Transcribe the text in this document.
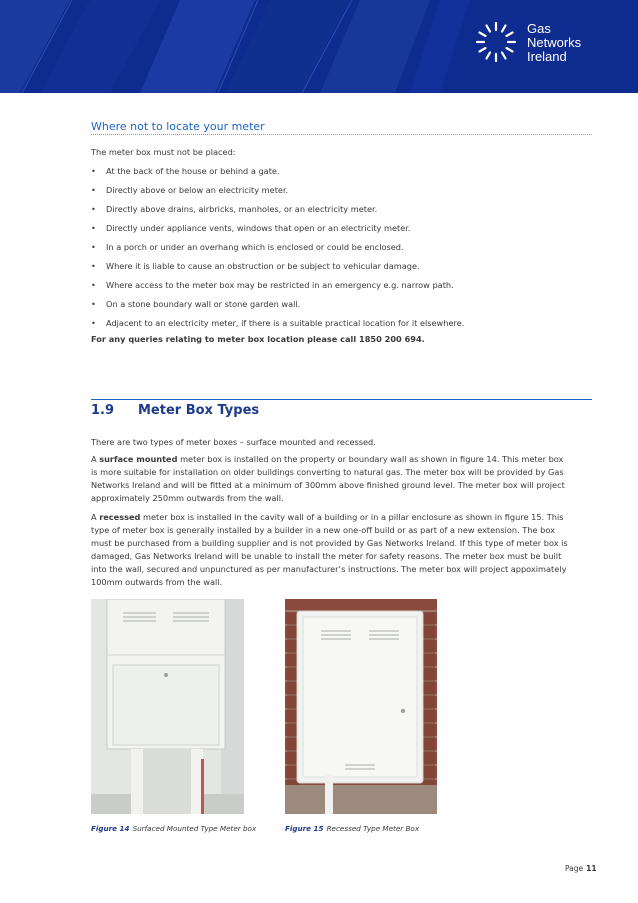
Gas
Networks
Ireland
Where not to locate your meter
The meter box must not be placed:
• At the back of the house or behind a gate.
• Directly above or below an electricity meter.
• Directly above drains, airbricks, manholes, or an electricity meter.
• Directly under appliance vents, windows that open or an electricity meter.
• In a porch or under an overhang which is enclosed or could be enclosed.
• Where it is liable to cause an obstruction or be subject to vehicular damage.
• Where access to the meter box may be restricted in an emergency e.g. narrow path.
• On a stone boundary wall or stone garden wall.
• Adjacent to an electricity meter, if there is a suitable practical location for it elsewhere.
For any queries relating to meter box location please call 1850 200 694.
1.9 Meter Box Types
There are two types of meter boxes – surface mounted and recessed.
A surface mounted meter box is installed on the property or boundary wall as shown in figure 14. This meter box
is more suitable for installation on older buildings converting to natural gas. The meter box will be provided by Gas
Networks Ireland and will be fitted at a minimum of 300mm above finished ground level. The meter box will project
approximately 250mm outwards from the wall.
A recessed meter box is installed in the cavity wall of a building or in a pillar enclosure as shown in figure 15. This
type of meter box is generally installed by a builder in a new one-off build or as part of a new extension. The box
must be purchased from a building supplier and is not provided by Gas Networks Ireland. If this type of meter box is
damaged, Gas Networks Ireland will be unable to install the meter for safety reasons. The meter box must be built
into the wall, secured and unpunctured as per manufacturer’s instructions. The meter box will project appoximately
100mm outwards from the wall.
Figure 14 Surfaced Mounted Type Meter box	Figure 15 Recessed Type Meter Box
Page 11
